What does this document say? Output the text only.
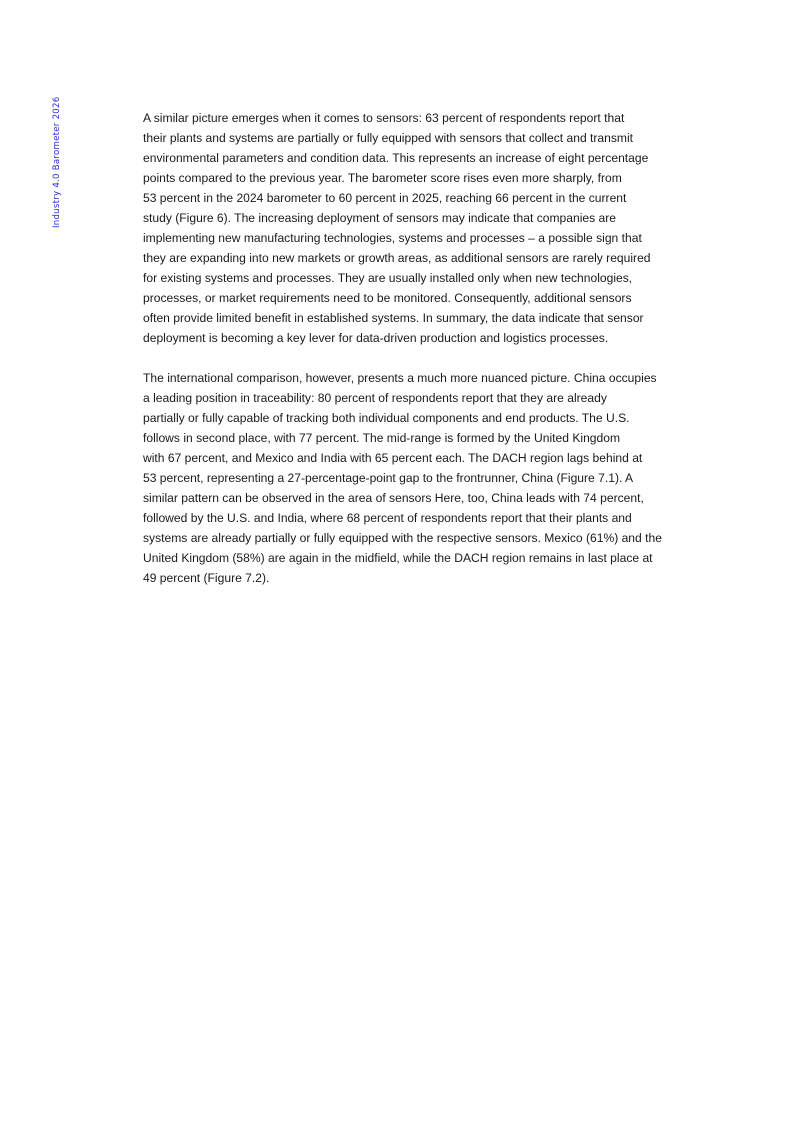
Industry 4.0 Barometer 2026	A similar picture emerges when it comes to sensors: 63 percent of respondents report that
their plants and systems are partially or fully equipped with sensors that collect and transmit
environmental parameters and condition data. This represents an increase of eight percentage
points compared to the previous year. The barometer score rises even more sharply, from
53 percent in the 2024 barometer to 60 percent in 2025, reaching 66 percent in the current
study (Figure 6). The increasing deployment of sensors may indicate that companies are
implementing new manufacturing technologies, systems and processes – a possible sign that
they are expanding into new markets or growth areas, as additional sensors are rarely required
for existing systems and processes. They are usually installed only when new technologies,
processes, or market requirements need to be monitored. Consequently, additional sensors
often provide limited benefit in established systems. In summary, the data indicate that sensor
deployment is becoming a key lever for data-driven production and logistics processes.

The international comparison, however, presents a much more nuanced picture. China occupies
a leading position in traceability: 80 percent of respondents report that they are already
partially or fully capable of tracking both individual components and end products. The U.S.
follows in second place, with 77 percent. The mid-range is formed by the United Kingdom
with 67 percent, and Mexico and India with 65 percent each. The DACH region lags behind at
53 percent, representing a 27-percentage-point gap to the frontrunner, China (Figure 7.1). A
similar pattern can be observed in the area of sensors Here, too, China leads with 74 percent,
followed by the U.S. and India, where 68 percent of respondents report that their plants and
systems are already partially or fully equipped with the respective sensors. Mexico (61%) and the
United Kingdom (58%) are again in the midfield, while the DACH region remains in last place at
49 percent (Figure 7.2).
